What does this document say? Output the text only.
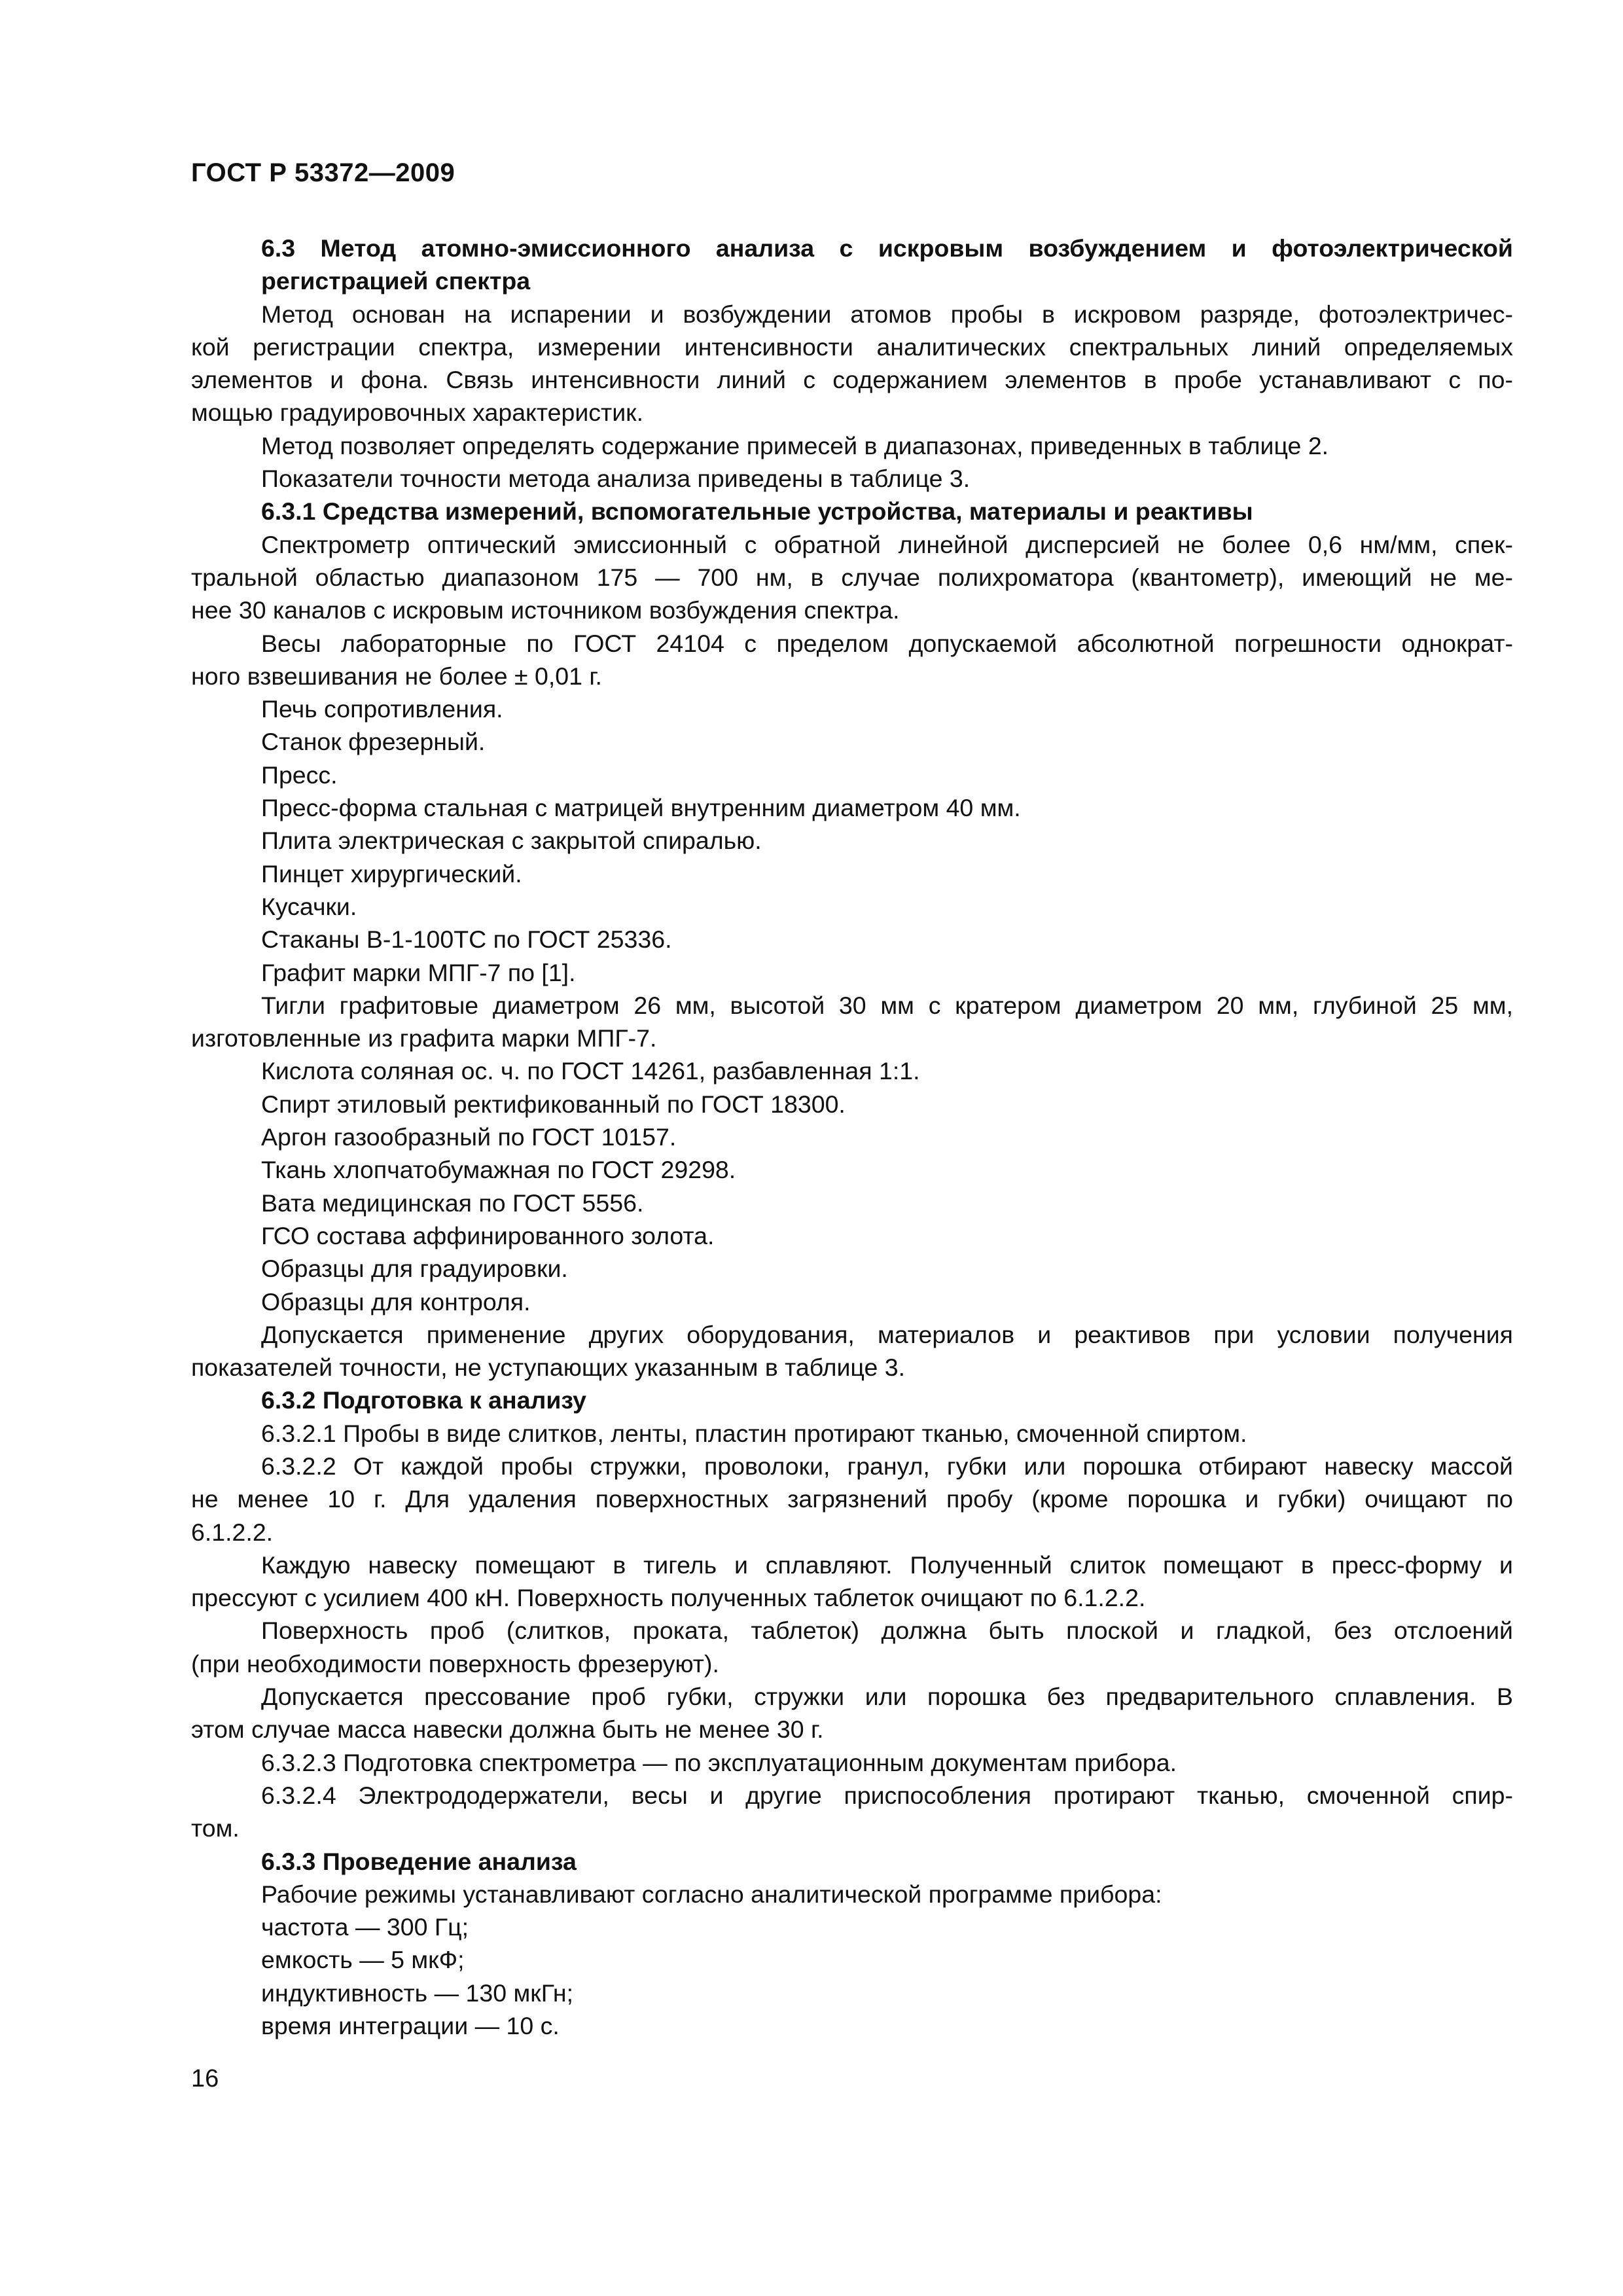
ГОСТ Р 53372—2009
6.3 Метод атомно-эмиссионного анализа с искровым возбуждением и фотоэлектрической
регистрацией спектра
Метод основан на испарении и возбуждении атомов пробы в искровом разряде, фотоэлектричес-
кой регистрации спектра, измерении интенсивности аналитических спектральных линий определяемых
элементов и фона. Связь интенсивности линий с содержанием элементов в пробе устанавливают с по-
мощью градуировочных характеристик.
Метод позволяет определять содержание примесей в диапазонах, приведенных в таблице 2.
Показатели точности метода анализа приведены в таблице 3.
6.3.1 Средства измерений, вспомогательные устройства, материалы и реактивы
Спектрометр оптический эмиссионный с обратной линейной дисперсией не более 0,6 нм/мм, спек-
тральной областью диапазоном 175 — 700 нм, в случае полихроматора (квантометр), имеющий не ме-
нее 30 каналов с искровым источником возбуждения спектра.
Весы лабораторные по ГОСТ 24104 с пределом допускаемой абсолютной погрешности однократ-
ного взвешивания не более ± 0,01 г.
Печь сопротивления.
Станок фрезерный.
Пресс.
Пресс-форма стальная с матрицей внутренним диаметром 40 мм.
Плита электрическая с закрытой спиралью.
Пинцет хирургический.
Кусачки.
Стаканы В-1-100ТС по ГОСТ 25336.
Графит марки МПГ-7 по [1].
Тигли графитовые диаметром 26 мм, высотой 30 мм с кратером диаметром 20 мм, глубиной 25 мм,
изготовленные из графита марки МПГ-7.
Кислота соляная ос. ч. по ГОСТ 14261, разбавленная 1:1.
Спирт этиловый ректификованный по ГОСТ 18300.
Аргон газообразный по ГОСТ 10157.
Ткань хлопчатобумажная по ГОСТ 29298.
Вата медицинская по ГОСТ 5556.
ГСО состава аффинированного золота.
Образцы для градуировки.
Образцы для контроля.
Допускается применение других оборудования, материалов и реактивов при условии получения
показателей точности, не уступающих указанным в таблице 3.
6.3.2 Подготовка к анализу
6.3.2.1 Пробы в виде слитков, ленты, пластин протирают тканью, смоченной спиртом.
6.3.2.2 От каждой пробы стружки, проволоки, гранул, губки или порошка отбирают навеску массой
не менее 10 г. Для удаления поверхностных загрязнений пробу (кроме порошка и губки) очищают по
6.1.2.2.
Каждую навеску помещают в тигель и сплавляют. Полученный слиток помещают в пресс-форму и
прессуют с усилием 400 кН. Поверхность полученных таблеток очищают по 6.1.2.2.
Поверхность проб (слитков, проката, таблеток) должна быть плоской и гладкой, без отслоений
(при необходимости поверхность фрезеруют).
Допускается прессование проб губки, стружки или порошка без предварительного сплавления. В
этом случае масса навески должна быть не менее 30 г.
6.3.2.3 Подготовка спектрометра — по эксплуатационным документам прибора.
6.3.2.4 Электрододержатели, весы и другие приспособления протирают тканью, смоченной спир-
том.
6.3.3 Проведение анализа
Рабочие режимы устанавливают согласно аналитической программе прибора:
частота — 300 Гц;
емкость — 5 мкФ;
индуктивность — 130 мкГн;
время интеграции — 10 с.
16
